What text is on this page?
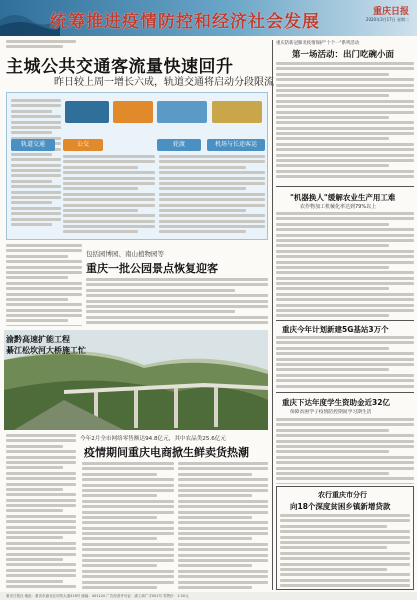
统筹推进疫情防控和经济社会发展	重庆日报
2020年3月17日 星期二
主城公共交通客流量快速回升
昨日较上周一增长六成，轨道交通将启动分段限流
轨道交通	公交	轮渡	机场与长途客运
包括园博园、南山植物园等
重庆一批公园景点恢复迎客
渝黔高速扩能工程
綦江松坎河大桥施工忙
今年2月全市网络零售额达94.8亿元，其中农品类25.6亿元
疫情期间重庆电商掀生鲜卖货热潮
重庆防新冠肺炎疫情保护"十个一"系列活动
第一场活动：出门吃碗小面
"机器换人"缓解农业生产用工难
农作物加工机械化率达到79%以上
重庆今年计划新建5G基站3万个
重庆下达年度学生资助金近32亿
保障贫困学子疫情防控期间学习期生活
农行重庆市分行
向18个深度贫困乡镇新增贷款
重庆日报社 地址：重庆市渝北区同茂大道416号 邮编：401120 广告经营许可证：渝工商广字001号 零售价：1.50元
